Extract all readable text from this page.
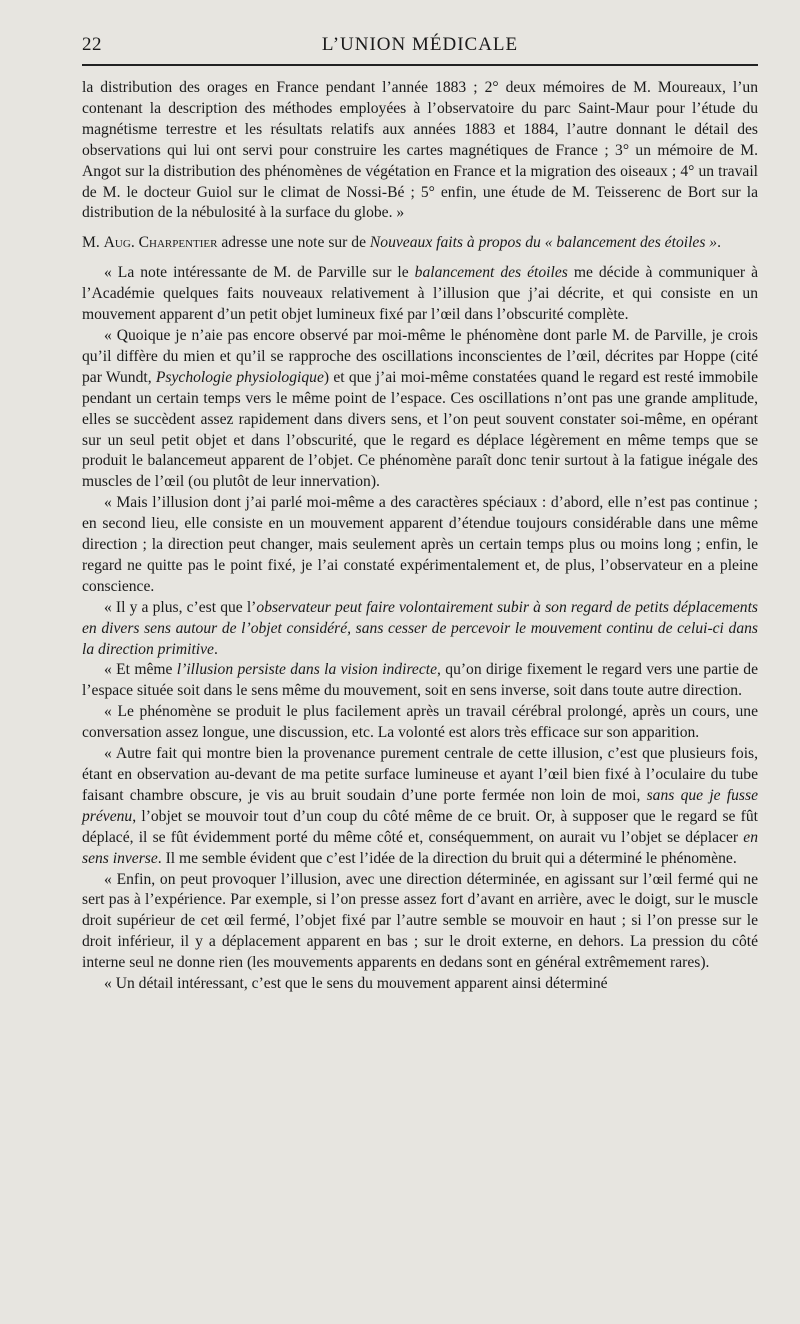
22	L’UNION MÉDICALE

la distribution des orages en France pendant l’année 1883 ; 2° deux mémoires de M. Moureaux, l’un contenant la description des méthodes employées à l’observatoire du parc Saint-Maur pour l’étude du magnétisme terrestre et les résultats relatifs aux années 1883 et 1884, l’autre donnant le détail des observations qui lui ont servi pour construire les cartes magnétiques de France ; 3° un mémoire de M. Angot sur la distribution des phénomènes de végétation en France et la migration des oiseaux ; 4° un travail de M. le docteur Guiol sur le climat de Nossi-Bé ; 5° enfin, une étude de M. Teisserenc de Bort sur la distribution de la nébulosité à la surface du globe. »

M. Aug. Charpentier adresse une note sur de Nouveaux faits à propos du « balancement des étoiles ».

« La note intéressante de M. de Parville sur le balancement des étoiles me décide à communiquer à l’Académie quelques faits nouveaux relativement à l’illusion que j’ai décrite, et qui consiste en un mouvement apparent d’un petit objet lumineux fixé par l’œil dans l’obscurité complète.

« Quoique je n’aie pas encore observé par moi-même le phénomène dont parle M. de Parville, je crois qu’il diffère du mien et qu’il se rapproche des oscillations inconscientes de l’œil, décrites par Hoppe (cité par Wundt, Psychologie physiologique) et que j’ai moi-même constatées quand le regard est resté immobile pendant un certain temps vers le même point de l’espace. Ces oscillations n’ont pas une grande amplitude, elles se succèdent assez rapidement dans divers sens, et l’on peut souvent constater soi-même, en opérant sur un seul petit objet et dans l’obscurité, que le regard es déplace légèrement en même temps que se produit le balancemeut apparent de l’objet. Ce phénomène paraît donc tenir surtout à la fatigue inégale des muscles de l’œil (ou plutôt de leur innervation).

« Mais l’illusion dont j’ai parlé moi-même a des caractères spéciaux : d’abord, elle n’est pas continue ; en second lieu, elle consiste en un mouvement apparent d’étendue toujours considérable dans une même direction ; la direction peut changer, mais seulement après un certain temps plus ou moins long ; enfin, le regard ne quitte pas le point fixé, je l’ai constaté expérimentalement et, de plus, l’observateur en a pleine conscience.

« Il y a plus, c’est que l’observateur peut faire volontairement subir à son regard de petits déplacements en divers sens autour de l’objet considéré, sans cesser de percevoir le mouvement continu de celui-ci dans la direction primitive.

« Et même l’illusion persiste dans la vision indirecte, qu’on dirige fixement le regard vers une partie de l’espace située soit dans le sens même du mouvement, soit en sens inverse, soit dans toute autre direction.

« Le phénomène se produit le plus facilement après un travail cérébral prolongé, après un cours, une conversation assez longue, une discussion, etc. La volonté est alors très efficace sur son apparition.

« Autre fait qui montre bien la provenance purement centrale de cette illusion, c’est que plusieurs fois, étant en observation au-devant de ma petite surface lumineuse et ayant l’œil bien fixé à l’oculaire du tube faisant chambre obscure, je vis au bruit soudain d’une porte fermée non loin de moi, sans que je fusse prévenu, l’objet se mouvoir tout d’un coup du côté même de ce bruit. Or, à supposer que le regard se fût déplacé, il se fût évidemment porté du même côté et, conséquemment, on aurait vu l’objet se déplacer en sens inverse. Il me semble évident que c’est l’idée de la direction du bruit qui a déterminé le phénomène.

« Enfin, on peut provoquer l’illusion, avec une direction déterminée, en agissant sur l’œil fermé qui ne sert pas à l’expérience. Par exemple, si l’on presse assez fort d’avant en arrière, avec le doigt, sur le muscle droit supérieur de cet œil fermé, l’objet fixé par l’autre semble se mouvoir en haut ; si l’on presse sur le droit inférieur, il y a déplacement apparent en bas ; sur le droit externe, en dehors. La pression du côté interne seul ne donne rien (les mouvements apparents en dedans sont en général extrêmement rares).

« Un détail intéressant, c’est que le sens du mouvement apparent ainsi déterminé
